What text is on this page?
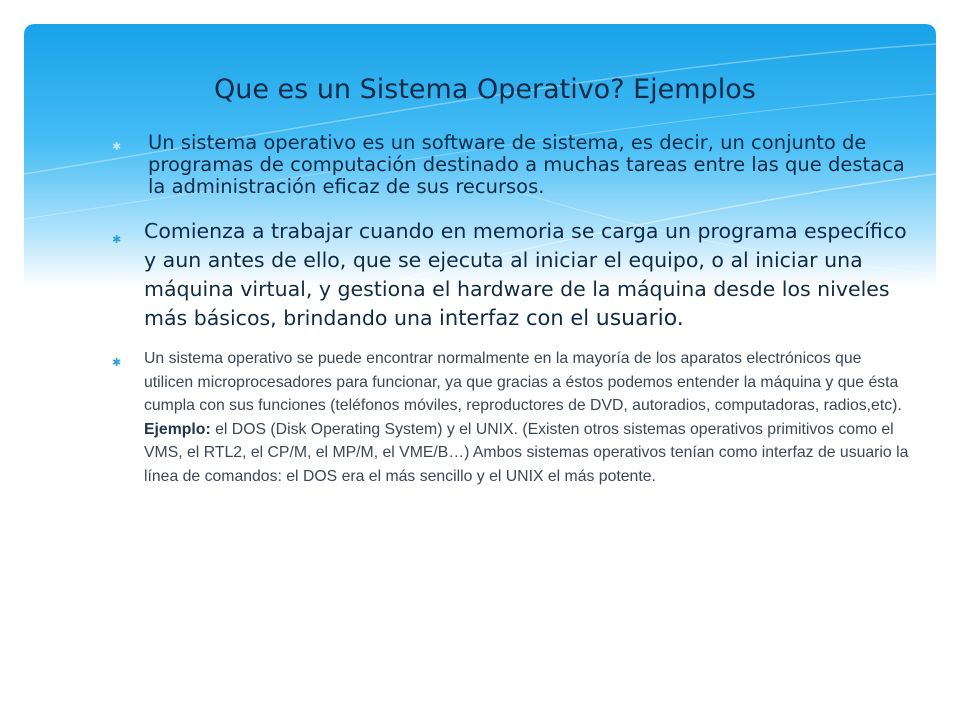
Que es un Sistema Operativo? Ejemplos
✱ Un sistema operativo es un software de sistema, es decir, un conjunto de programas de computación destinado a muchas tareas entre las que destaca la administración eficaz de sus recursos.
✱ Comienza a trabajar cuando en memoria se carga un programa específico y aun antes de ello, que se ejecuta al iniciar el equipo, o al iniciar una máquina virtual, y gestiona el hardware de la máquina desde los niveles más básicos, brindando una interfaz con el usuario.
✱ Un sistema operativo se puede encontrar normalmente en la mayoría de los aparatos electrónicos que utilicen microprocesadores para funcionar, ya que gracias a éstos podemos entender la máquina y que ésta cumpla con sus funciones (teléfonos móviles, reproductores de DVD, autoradios, computadoras, radios,etc). Ejemplo: el DOS (Disk Operating System) y el UNIX. (Existen otros sistemas operativos primitivos como el VMS, el RTL2, el CP/M, el MP/M, el VME/B…) Ambos sistemas operativos tenían como interfaz de usuario la línea de comandos: el DOS era el más sencillo y el UNIX el más potente.
